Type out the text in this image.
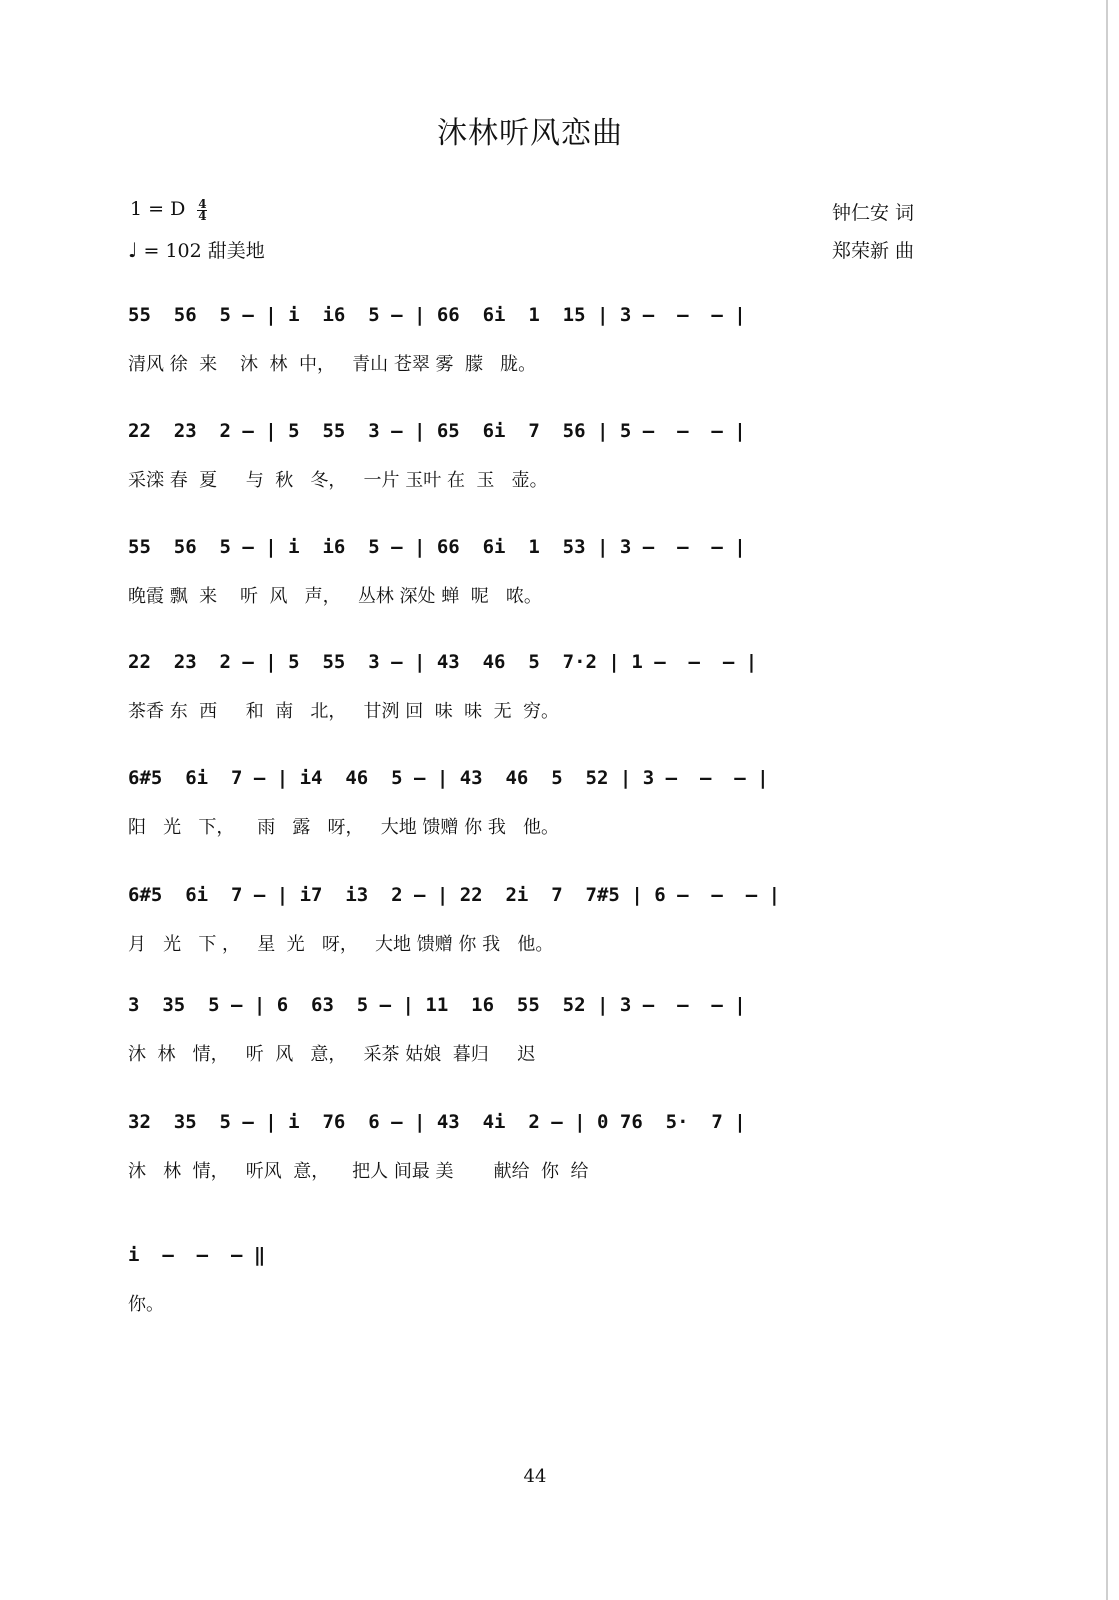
沐林听风恋曲
1 = D $\frac{4}{4}$
♩ = 102 甜美地
钟仁安 词
郑荣新 曲
55  56  5 – | i  i6  5 – | 66  6i  1  15 | 3 –  –  – |
清风 徐  来    沐  林  中，   青山 苍翠 雾  朦   胧。
22  23  2 – | 5  55  3 – | 65  6i  7  56 | 5 –  –  – |
采滦 春  夏     与  秋   冬，   一片 玉叶 在  玉   壶。
55  56  5 – | i  i6  5 – | 66  6i  1  53 | 3 –  –  – |
晚霞 飘  来    听  风   声，   丛林 深处 蝉  呢   哝。
22  23  2 – | 5  55  3 – | 43  46  5  7·2 | 1 –  –  – |
茶香 东  西     和  南   北，   甘洌 回  味  味  无  穷。
6#5  6i  7 – | i4  46  5 – | 43  46  5  52 | 3 –  –  – |
阳   光   下，    雨   露   呀，   大地 馈赠 你 我   他。
6#5  6i  7 – | i7  i3  2 – | 22  2i  7  7#5 | 6 –  –  – |
月   光   下 ，   星  光   呀，   大地 馈赠 你 我   他。
3  35  5 – | 6  63  5 – | 11  16  55  52 | 3 –  –  – |
沐  林   情，   听  风   意，   采茶 姑娘  暮归     迟
32  35  5 – | i  76  6 – | 43  4i  2 – | 0 76  5·  7 |
沐   林  情，   听风  意，    把人 间最 美       献给  你  给
i  –  –  – ‖
你。
44
